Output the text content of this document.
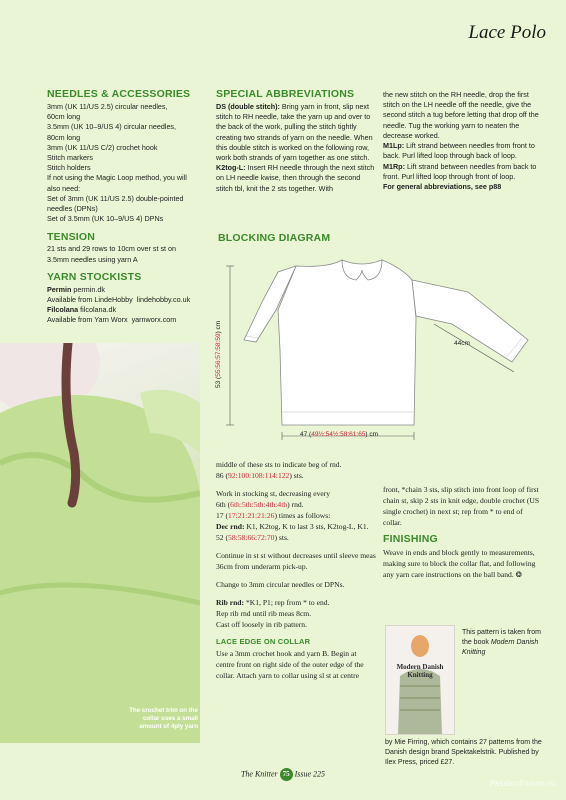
Lace Polo
NEEDLES & ACCESSORIES

3mm (UK 11/US 2.5) circular needles,

60cm long

3.5mm (UK 10–9/US 4) circular needles,

80cm long

3mm (UK 11/US C/2) crochet hook

Stitch markers

Stitch holders

If not using the Magic Loop method, you will

also need:

Set of 3mm (UK 11/US 2.5) double-pointed

needles (DPNs)

Set of 3.5mm (UK 10–9/US 4) DPNs

TENSION

21 sts and 29 rows to 10cm over st st on

3.5mm needles using yarn A

YARN STOCKISTS

Permin permin.dk

Available from LindeHobby lindehobby.co.uk

Filcolana filcolana.dk

Available from Yarn Worx yarnworx.com

SPECIAL ABBREVIATIONS

DS (double stitch): Bring yarn in front, slip next stitch to RH needle, take the yarn up and over to the back of the work, pulling the stitch tightly creating two strands of yarn on the needle. When this double stitch is worked on the following row, work both strands of yarn together as one stitch.

K2tog-L: Insert RH needle through the next stitch on LH needle kwise, then through the second stitch tbl, knit the 2 sts together. With

the new stitch on the RH needle, drop the first stitch on the LH needle off the needle, give the second stitch a tug before letting that drop off the needle. Tug the working yarn to neaten the decrease worked.

M1Lp: Lift strand between needles from front to back. Purl lifted loop through back of loop.

M1Rp: Lift strand between needles from back to front. Purl lifted loop through front of loop.

For general abbreviations, see p88

BLOCKING DIAGRAM
53 (55:56:57:58:59) cm
44cm
47 (49½:54½:58:61:65) cm
The crochet trim on the collar uses a small amount of 4ply yarn

middle of these sts to indicate beg of rnd.

86 (92:100:108:114:122) sts.

Work in stocking st, decreasing every

6th (6th:5th:5th:4th:4th) rnd.

17 (17:21:21:21:26) times as follows:

Dec rnd: K1, K2tog, K to last 3 sts, K2tog-L, K1.

52 (58:58:66:72:70) sts.

Continue in st st without decreases until sleeve meas 36cm from underarm pick-up.

Change to 3mm circular needles or DPNs.

Rib rnd: *K1, P1; rep from * to end.

Rep rib rnd until rib meas 8cm.

Cast off loosely in rib pattern.

LACE EDGE ON COLLAR

Use a 3mm crochet hook and yarn B. Begin at centre front on right side of the outer edge of the collar. Attach yarn to collar using sl st at centre

front, *chain 3 sts, slip stitch into front loop of first chain st, skip 2 sts in knit edge, double crochet (US single crochet) in next st; rep from * to end of collar.

FINISHING

Weave in ends and block gently to measurements, making sure to block the collar flat, and following any yarn care instructions on the ball band. ❂

Modern Danish Knitting
This pattern is taken from the book Modern Danish Knitting
by Mie Firring, which contains 27 patterns from the Danish design brand Spektakelstrik. Published by Ilex Press, priced £27.
The Knitter 75 Issue 225
PassionForum.ru
